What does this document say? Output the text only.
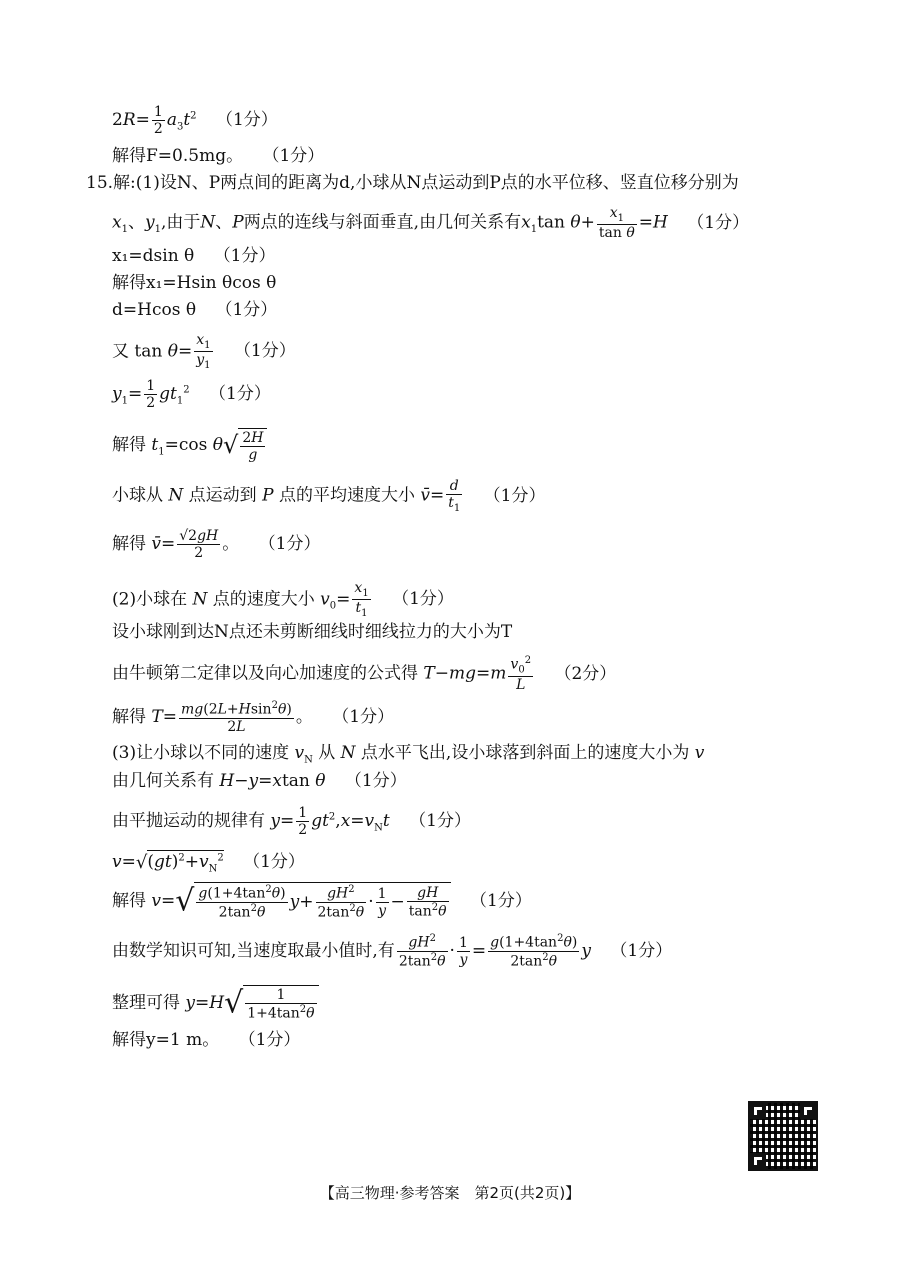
$2R= \frac{1}{2} a_3t^2$ （1分）
解得F=0.5mg。 （1分）
15.解:(1)设N、P两点间的距离为d,小球从N点运动到P点的水平位移、竖直位移分别为
$x_1$、$y_1$,由于N、P两点的连线与斜面垂直,由几何关系有$x_1\tan$ $\theta+ \frac{x_1}{\text{tan θ}} =H$ （1分）
x₁=dsin θ （1分）
解得x₁=Hsin θcos θ
d=Hcos θ （1分）
又 $\tan \theta= \frac{x_1}{y_1} (1$分）
$y_1= \frac{1}{2} gt_1^2$ （1分）
解得 $t_1=\cos$ $\theta√ \frac{2H}{g}$
小球从 N 点运动到 P 点的平均速度大小 v̄= $\frac{d}{t_1} (1$分）
解得 v̄= $\frac{√2gH}{2}$ 。 （1分）
(2)小球在 N 点的速度大小 $v_0= \frac{x_1}{t_1} (1$分）
设小球刚到达N点还未剪断细线时细线拉力的大小为T
由牛顿第二定律以及向心加速度的公式得 $T-mg=m \frac{v_0^2}{L} (2$分）
解得 $T= \frac{mg(2L+Hsin^2\theta)}{2L}$ 。 （1分）
(3)让小球以不同的速度 $v_N$ 从 N 点水平飞出,设小球落到斜面上的速度大小为 v
由几何关系有 H−y=xtan θ （1分）
由平抛运动的规律有 $y= \frac{1}{2} gt^2,x=v_Nt$ （1分）
$v=√(gt)^2+v_N^2$ （1分）
解得 $v=√ \frac{g(1+4\tan^2\theta)}{2\tan^2\theta} y+ \frac{gH^2}{2\tan^2\theta} \cdot \frac{1}{y} - \frac{gH}{\tan^2\theta} (1$分）
由数学知识可知,当速度取最小值时,有 $\frac{gH^2}{2\tan^2\theta} \cdot \frac{1}{y} = \frac{g(1+4\tan^2\theta)}{2\tan^2\theta}$ y （1分）
整理可得 $y=H√ \frac{1}{1+4\tan^2\theta}$
解得y=1 m。 （1分）
【高三物理·参考答案　第2页(共2页)】
